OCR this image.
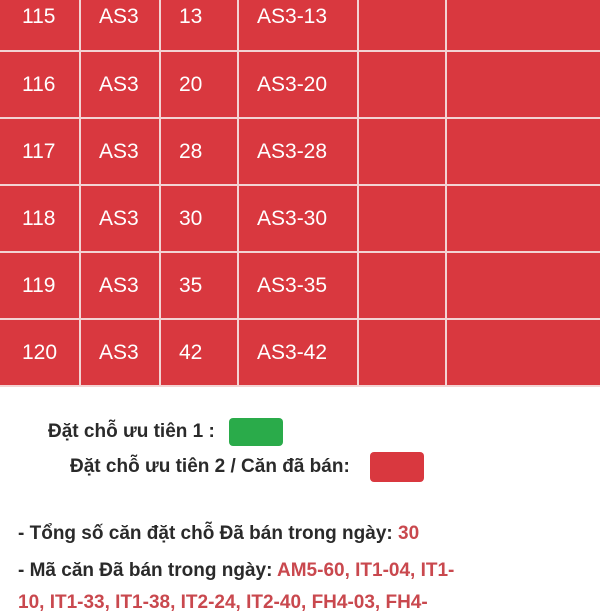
115	AS3	13	AS3-13		
116	AS3	20	AS3-20		
117	AS3	28	AS3-28		
118	AS3	30	AS3-30		
119	AS3	35	AS3-35		
120	AS3	42	AS3-42		
Đặt chỗ ưu tiên 1 :
Đặt chỗ ưu tiên 2 / Căn đã bán:
- Tổng số căn đặt chỗ Đã bán trong ngày: 30
- Mã căn Đã bán trong ngày: AM5-60, IT1-04, IT1-
10, IT1-33, IT1-38, IT2-24, IT2-40, FH4-03, FH4-
